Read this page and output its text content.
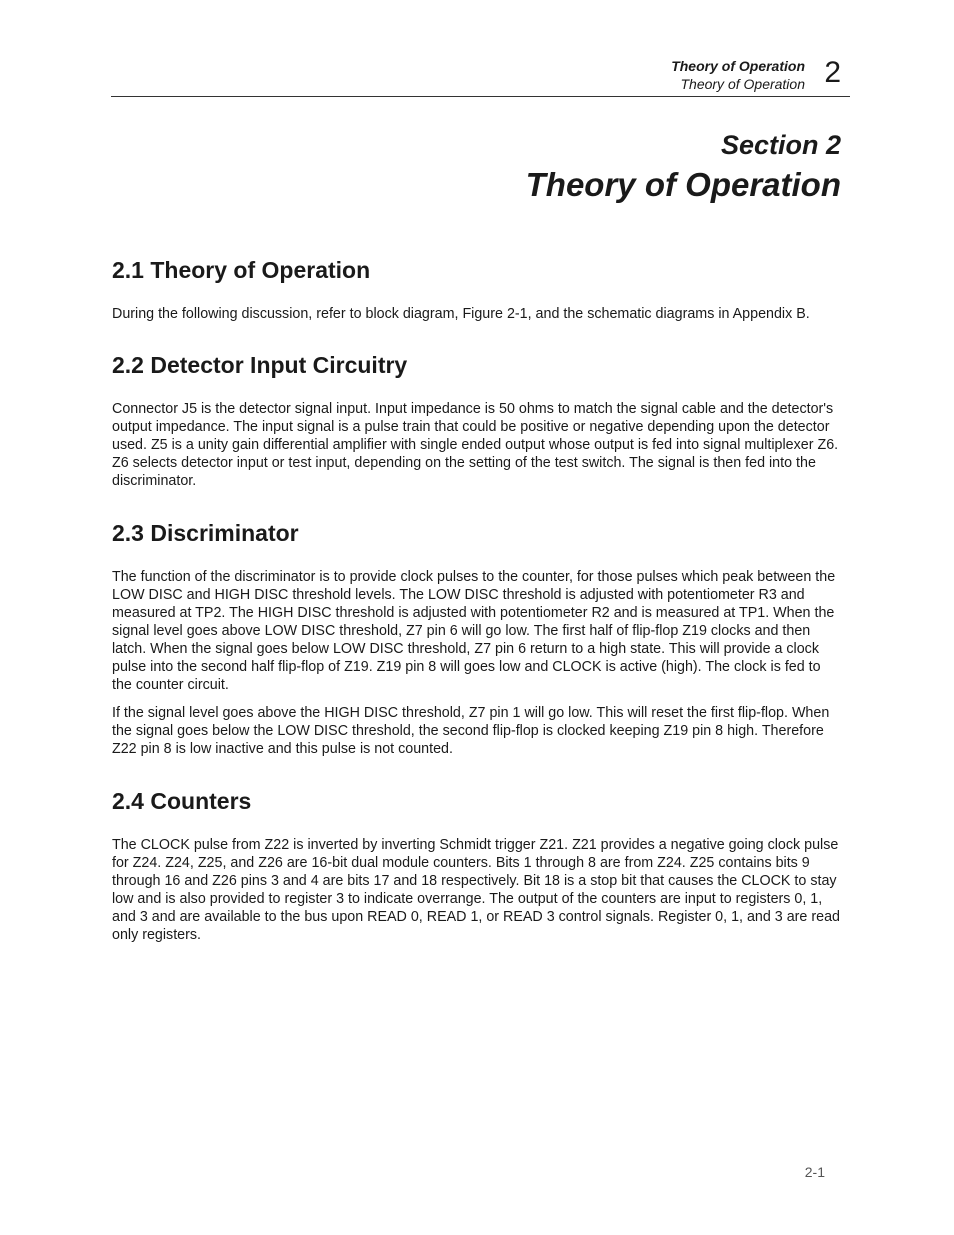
Theory of Operation
Theory of Operation 2
Section 2
Theory of Operation
2.1 Theory of Operation

During the following discussion, refer to block diagram, Figure 2-1, and the schematic diagrams in Appendix B.

2.2 Detector Input Circuitry

Connector J5 is the detector signal input. Input impedance is 50 ohms to match the signal cable and the detector's output impedance. The input signal is a pulse train that could be positive or negative depending upon the detector used. Z5 is a unity gain differential amplifier with single ended output whose output is fed into signal multiplexer Z6. Z6 selects detector input or test input, depending on the setting of the test switch. The signal is then fed into the discriminator.

2.3 Discriminator

The function of the discriminator is to provide clock pulses to the counter, for those pulses which peak between the LOW DISC and HIGH DISC threshold levels. The LOW DISC threshold is adjusted with potentiometer R3 and measured at TP2. The HIGH DISC threshold is adjusted with potentiometer R2 and is measured at TP1. When the signal level goes above LOW DISC threshold, Z7 pin 6 will go low. The first half of flip-flop Z19 clocks and then latch. When the signal goes below LOW DISC threshold, Z7 pin 6 return to a high state. This will provide a clock pulse into the second half flip-flop of Z19. Z19 pin 8 will goes low and CLOCK is active (high). The clock is fed to the counter circuit.

If the signal level goes above the HIGH DISC threshold, Z7 pin 1 will go low. This will reset the first flip-flop. When the signal goes below the LOW DISC threshold, the second flip-flop is clocked keeping Z19 pin 8 high. Therefore Z22 pin 8 is low inactive and this pulse is not counted.

2.4 Counters

The CLOCK pulse from Z22 is inverted by inverting Schmidt trigger Z21. Z21 provides a negative going clock pulse for Z24. Z24, Z25, and Z26 are 16-bit dual module counters. Bits 1 through 8 are from Z24. Z25 contains bits 9 through 16 and Z26 pins 3 and 4 are bits 17 and 18 respectively. Bit 18 is a stop bit that causes the CLOCK to stay low and is also provided to register 3 to indicate overrange. The output of the counters are input to registers 0, 1, and 3 and are available to the bus upon READ 0, READ 1, or READ 3 control signals. Register 0, 1, and 3 are read only registers.

2-1
